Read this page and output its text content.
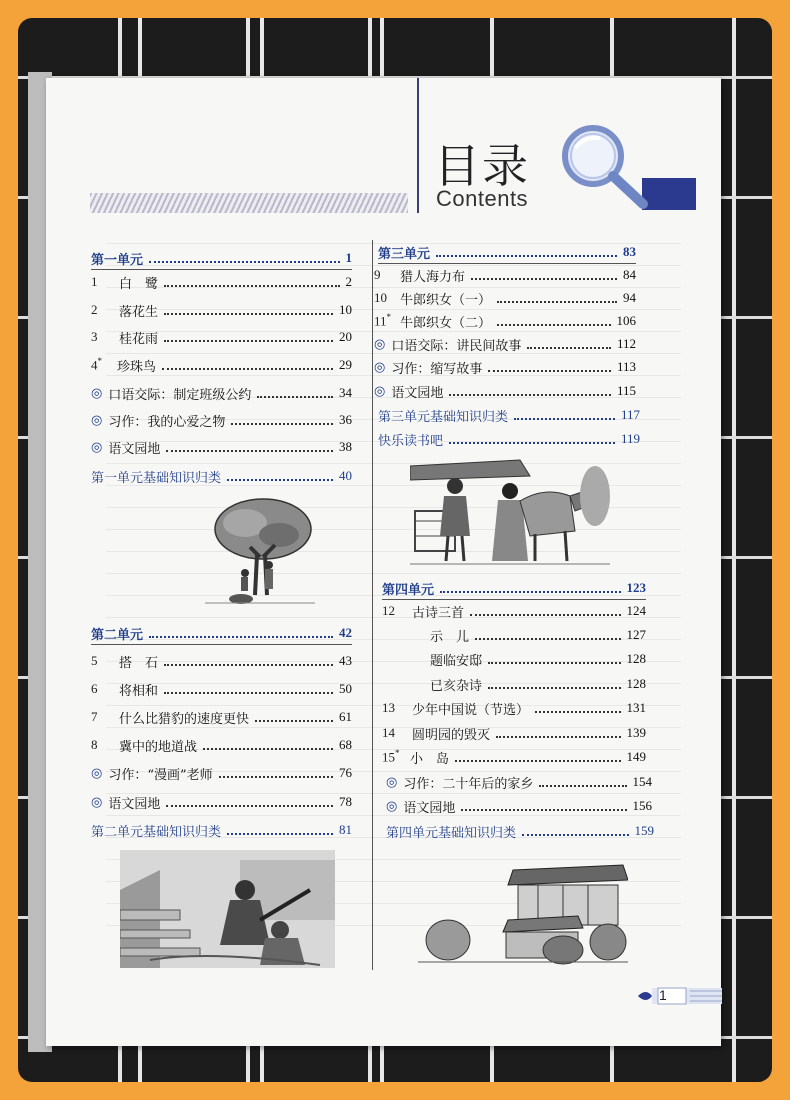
目录
Contents
第一单元	1
1	白　鹭	2
2	落花生	10
3	桂花雨	20
4*	珍珠鸟	29
◎ 口语交际：制定班级公约	34
◎ 习作：我的心爱之物	36
◎ 语文园地	38
第一单元基础知识归类	40
第二单元	42
5	搭　石	43
6	将相和	50
7	什么比猎豹的速度更快	61
8	冀中的地道战	68
◎ 习作：“漫画”老师	76
◎ 语文园地	78
第二单元基础知识归类	81
第三单元	83
9	猎人海力布	84
10	牛郎织女（一）	94
11* 牛郎织女（二）	106
◎ 口语交际：讲民间故事	112
◎ 习作：缩写故事	113
◎ 语文园地	115
第三单元基础知识归类	117
快乐读书吧	119
第四单元	123
12	古诗三首	124
示　儿	127
题临安邸	128
已亥杂诗	128
13	少年中国说（节选）	131
14	圆明园的毁灭	139
15* 小　岛	149
◎ 习作：二十年后的家乡	154
◎ 语文园地	156
第四单元基础知识归类	159
1
